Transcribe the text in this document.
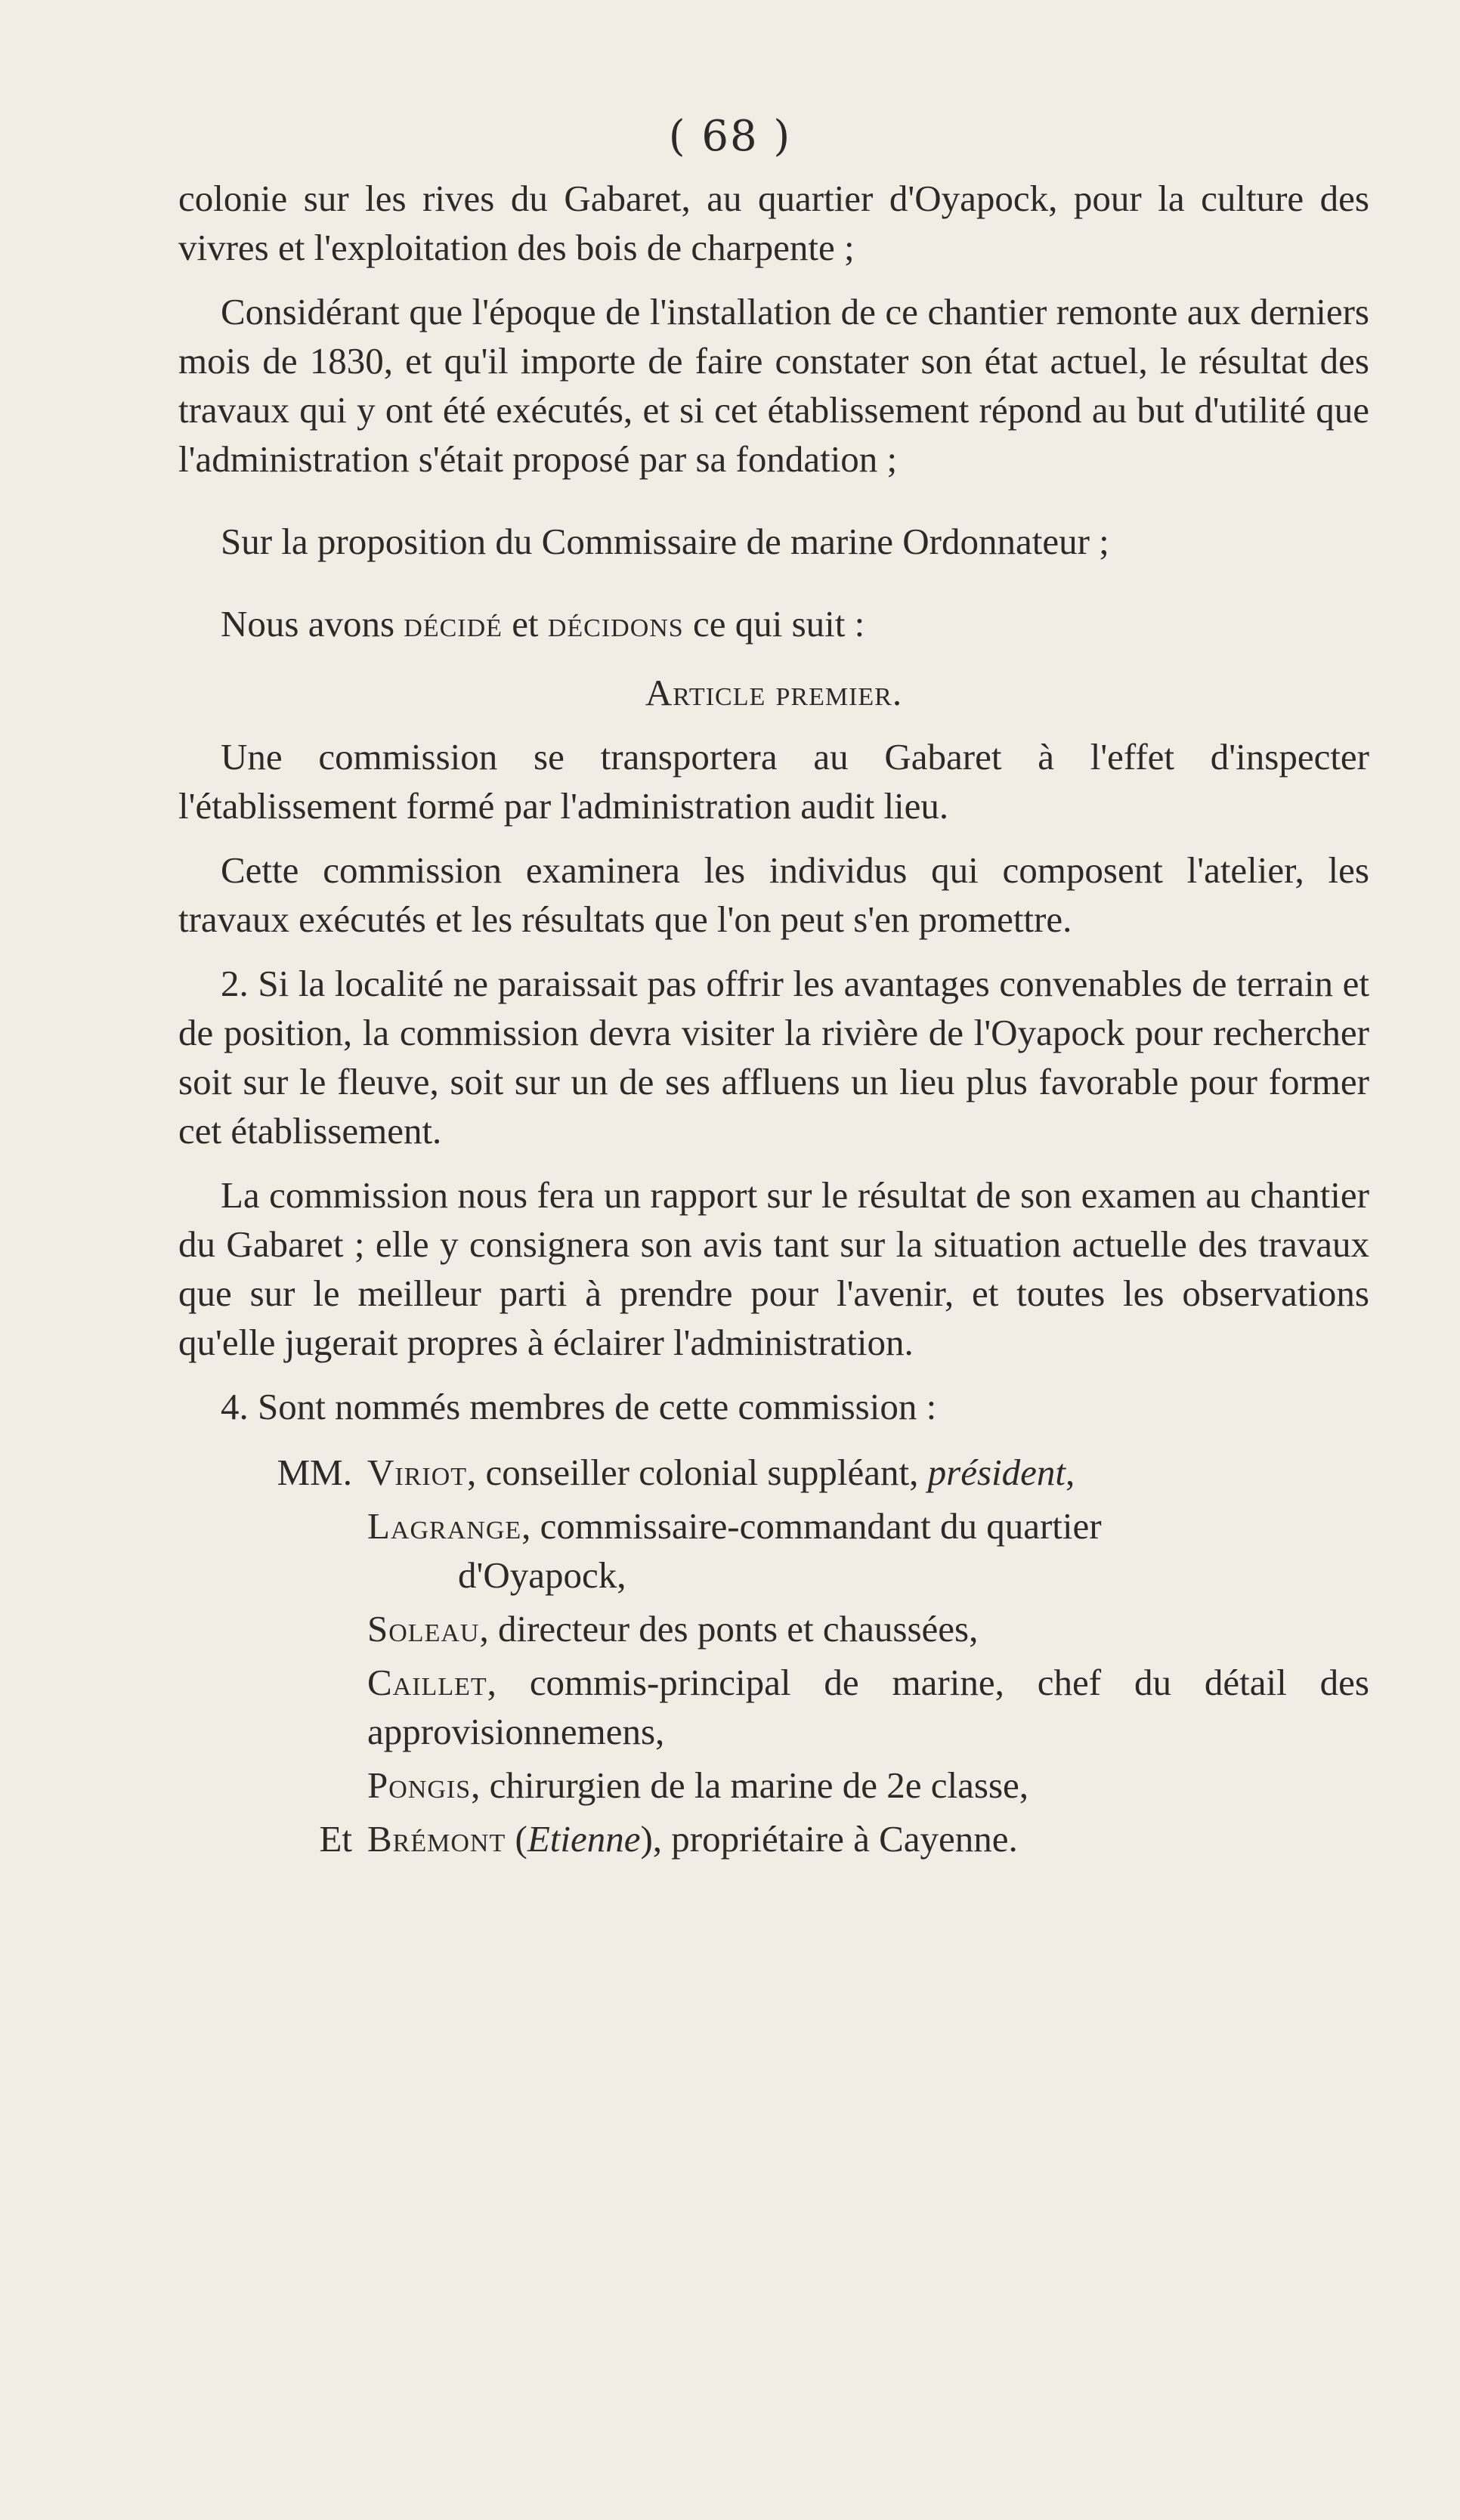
( 68 )

colonie sur les rives du Gabaret, au quartier d'Oyapock, pour la culture des vivres et l'exploitation des bois de charpente ;

Considérant que l'époque de l'installation de ce chantier remonte aux derniers mois de 1830, et qu'il importe de faire constater son état actuel, le résultat des travaux qui y ont été exécutés, et si cet établissement répond au but d'utilité que l'administration s'était proposé par sa fondation ;

Sur la proposition du Commissaire de marine Ordonnateur ;

Nous avons décidé et décidons ce qui suit :

Article premier.

Une commission se transportera au Gabaret à l'effet d'inspecter l'établissement formé par l'administration audit lieu.

Cette commission examinera les individus qui composent l'atelier, les travaux exécutés et les résultats que l'on peut s'en promettre.

2. Si la localité ne paraissait pas offrir les avantages convenables de terrain et de position, la commission devra visiter la rivière de l'Oyapock pour rechercher soit sur le fleuve, soit sur un de ses affluens un lieu plus favorable pour former cet établissement.

La commission nous fera un rapport sur le résultat de son examen au chantier du Gabaret ; elle y consignera son avis tant sur la situation actuelle des travaux que sur le meilleur parti à prendre pour l'avenir, et toutes les observations qu'elle jugerait propres à éclairer l'administration.

4. Sont nommés membres de cette commission :

MM. Viriot, conseiller colonial suppléant, président,

Lagrange, commissaire-commandant du quartier
d'Oyapock,

Soleau, directeur des ponts et chaussées,

Caillet, commis-principal de marine, chef du détail des approvisionnemens,

Pongis, chirurgien de la marine de 2e classe,

Et Brémont (Etienne), propriétaire à Cayenne.
